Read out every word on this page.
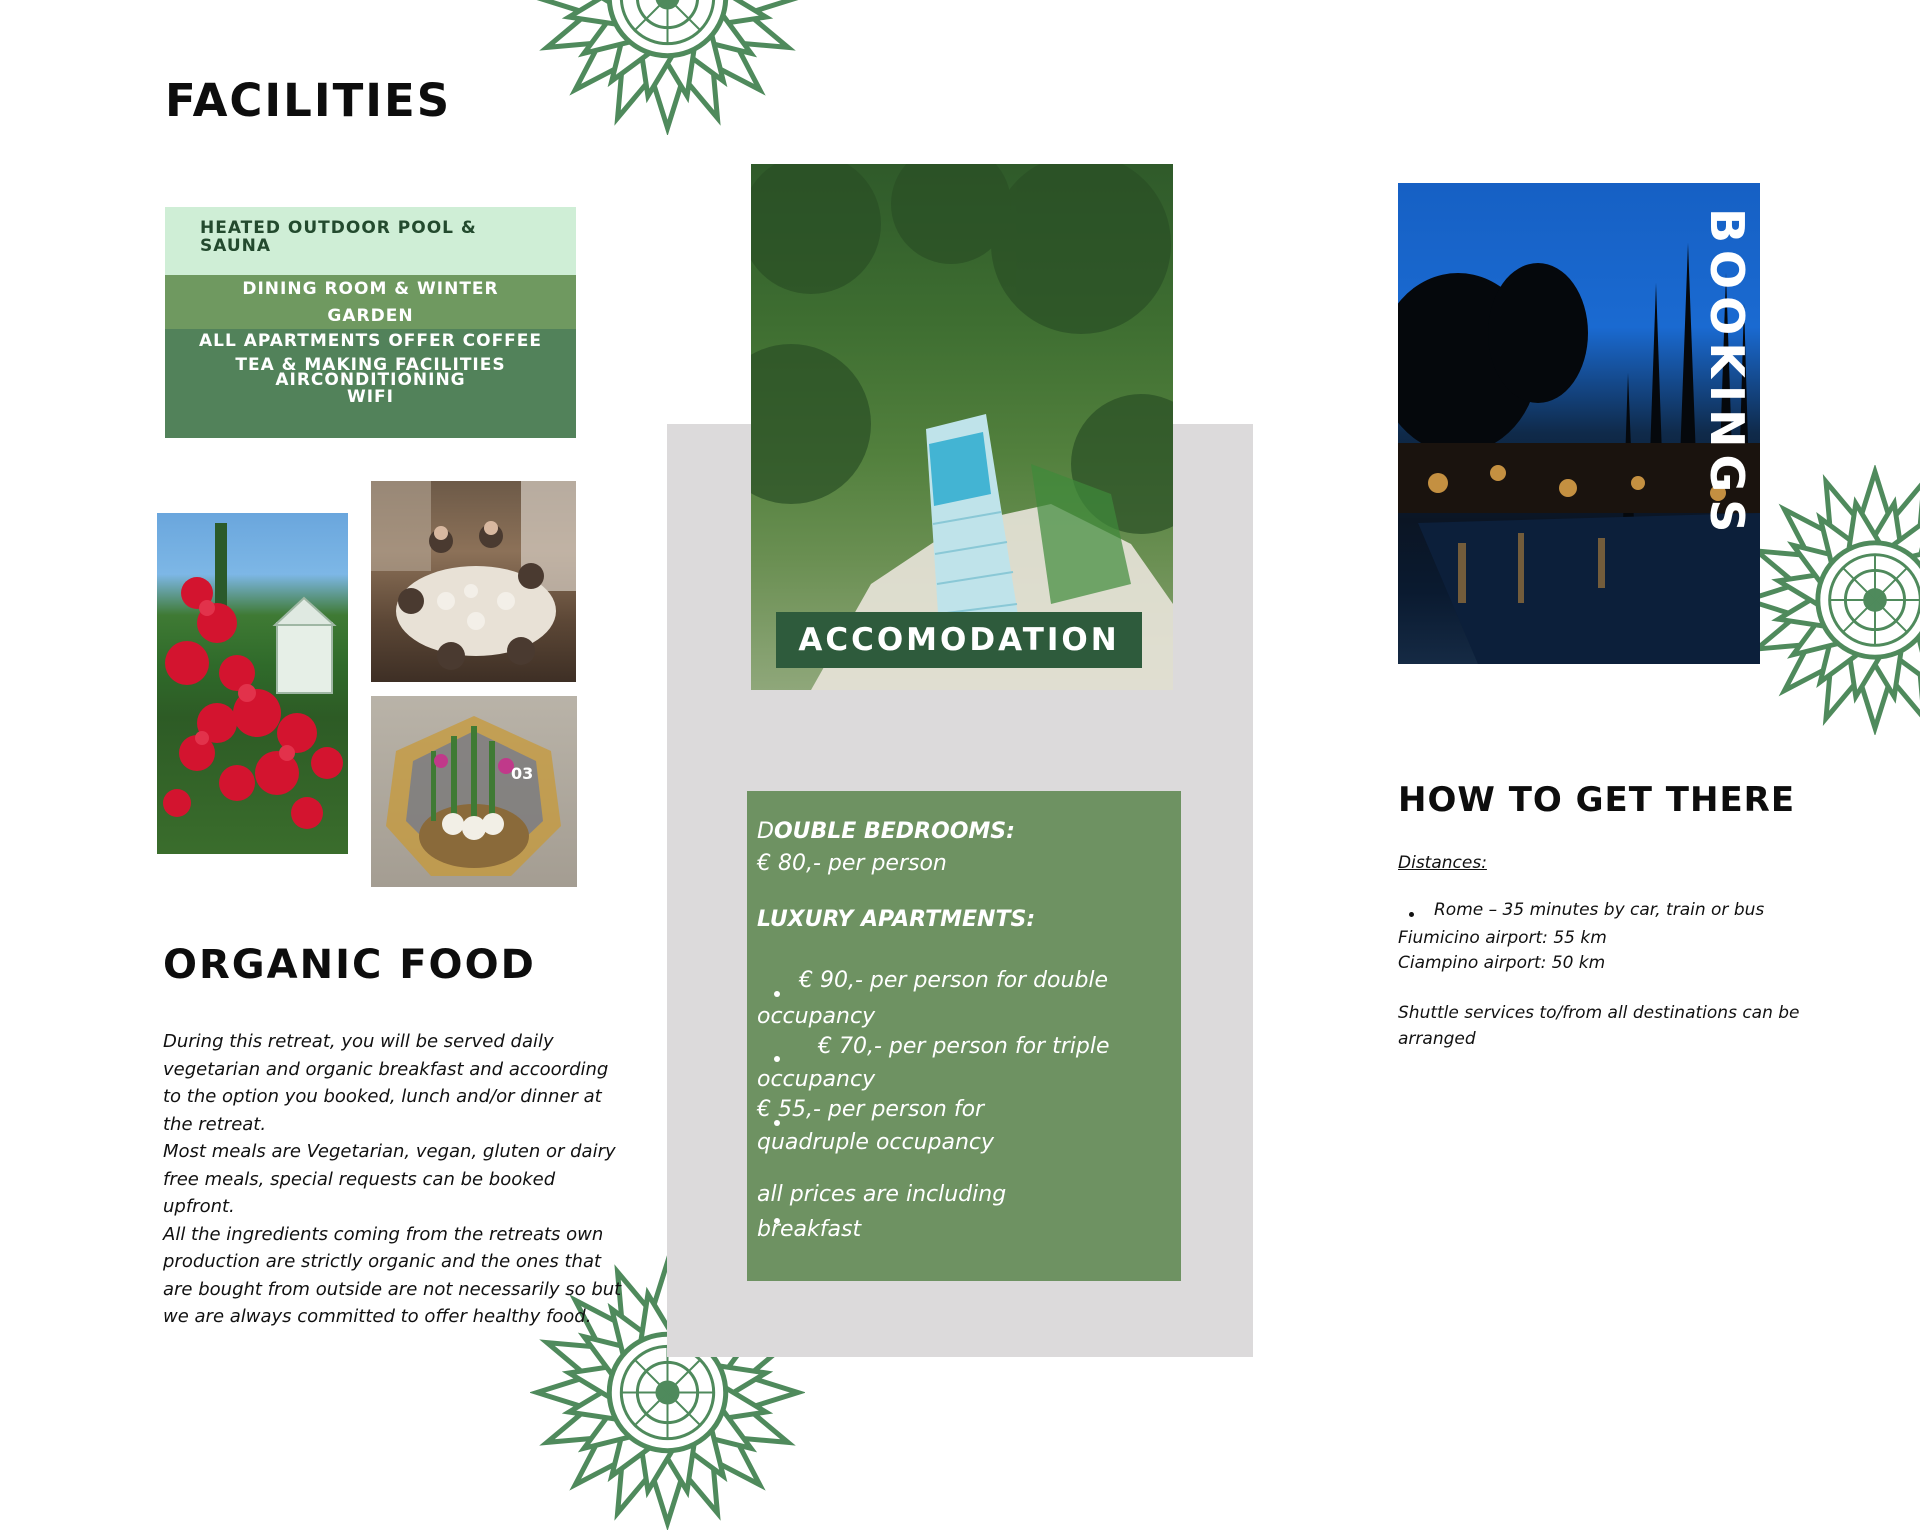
FACILITIES
HEATED OUTDOOR POOL & SAUNA
DINING ROOM & WINTER GARDEN
ALL APARTMENTS OFFER COFFEE
TEA & MAKING FACILITIES
AIRCONDITIONING
WIFI
03
ORGANIC FOOD
During this retreat, you will be served daily
vegetarian and organic breakfast and accoording
to the option you booked, lunch and/or dinner at
the retreat.
Most meals are Vegetarian, vegan, gluten or dairy
free meals, special requests can be booked upfront.
All the ingredients coming from the retreats own
production are strictly organic and the ones that
are bought from outside are not necessarily so but
we are always committed to offer healthy food.
ACCOMODATION
DOUBLE BEDROOMS:
€ 80,- per person
LUXURY APARTMENTS:
€ 90,- per person for double
occupancy
€ 70,- per person for triple
occupancy
€ 55,- per person for
quadruple occupancy
all prices are including
breakfast
BOOKINGS
HOW TO GET THERE
Distances:
Rome – 35 minutes by car, train or bus
Fiumicino airport: 55 km
Ciampino airport: 50 km
Shuttle services to/from all destinations can be
arranged
